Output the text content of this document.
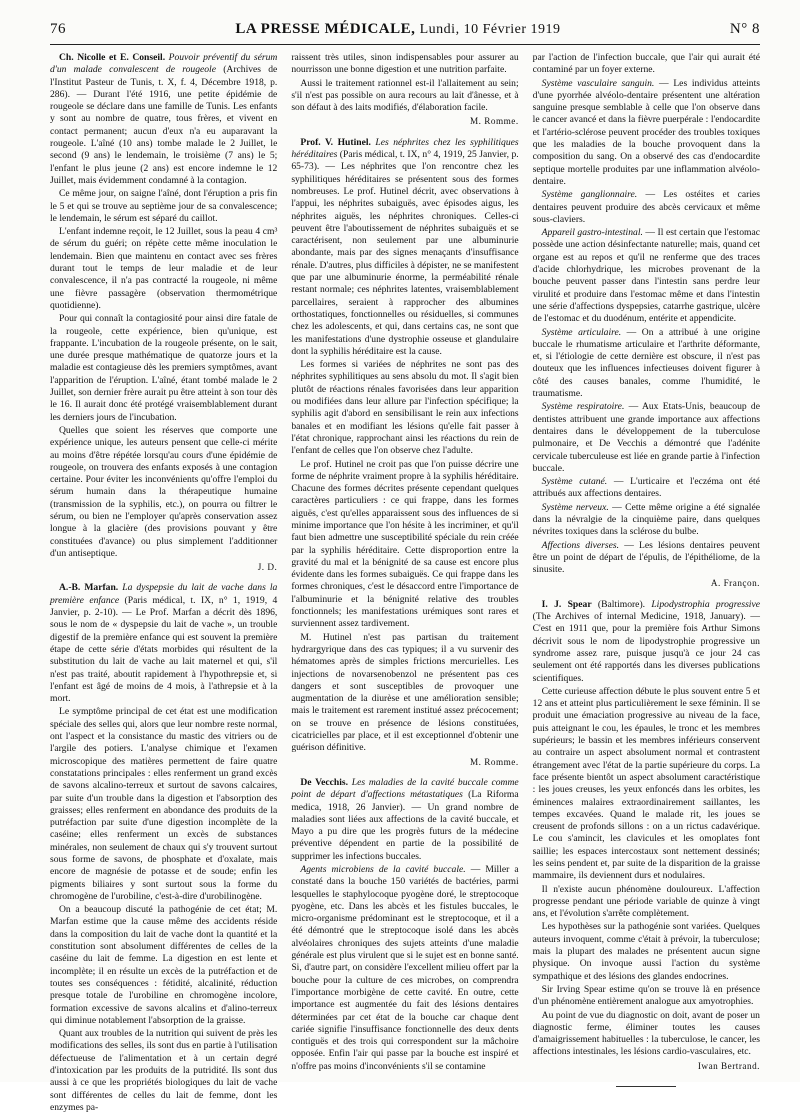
76	LA PRESSE MÉDICALE, Lundi, 10 Février 1919	N° 8

Ch. Nicolle et E. Conseil. Pouvoir préventif du sérum d'un malade convalescent de rougeole (Archives de l'Institut Pasteur de Tunis, t. X, f. 4, Décembre 1918, p. 286). — Durant l'été 1916, une petite épidémie de rougeole se déclare dans une famille de Tunis. Les enfants y sont au nombre de quatre, tous frères, et vivent en contact permanent; aucun d'eux n'a eu auparavant la rougeole. L'aîné (10 ans) tombe malade le 2 Juillet, le second (9 ans) le lendemain, le troisième (7 ans) le 5; l'enfant le plus jeune (2 ans) est encore indemne le 12 Juillet, mais évidemment condamné à la contagion.

Ce même jour, on saigne l'aîné, dont l'éruption a pris fin le 5 et qui se trouve au septième jour de sa convalescence; le lendemain, le sérum est séparé du caillot.

L'enfant indemne reçoit, le 12 Juillet, sous la peau 4 cm³ de sérum du guéri; on répète cette même inoculation le lendemain. Bien que maintenu en contact avec ses frères durant tout le temps de leur maladie et de leur convalescence, il n'a pas contracté la rougeole, ni même une fièvre passagère (observation thermométrique quotidienne).

Pour qui connaît la contagiosité pour ainsi dire fatale de la rougeole, cette expérience, bien qu'unique, est frappante. L'incubation de la rougeole présente, on le sait, une durée presque mathématique de quatorze jours et la maladie est contagieuse dès les premiers symptômes, avant l'apparition de l'éruption. L'aîné, étant tombé malade le 2 Juillet, son dernier frère aurait pu être atteint à son tour dès le 16. Il aurait donc été protégé vraisemblablement durant les derniers jours de l'incubation.

Quelles que soient les réserves que comporte une expérience unique, les auteurs pensent que celle-ci mérite au moins d'être répétée lorsqu'au cours d'une épidémie de rougeole, on trouvera des enfants exposés à une contagion certaine. Pour éviter les inconvénients qu'offre l'emploi du sérum humain dans la thérapeutique humaine (transmission de la syphilis, etc.), on pourra ou filtrer le sérum, ou bien ne l'employer qu'après conservation assez longue à la glacière (des provisions pouvant y être constituées d'avance) ou plus simplement l'additionner d'un antiseptique.

J. D.

A.-B. Marfan. La dyspepsie du lait de vache dans la première enfance (Paris médical, t. IX, n° 1, 1919, 4 Janvier, p. 2-10). — Le Prof. Marfan a décrit dès 1896, sous le nom de « dyspepsie du lait de vache », un trouble digestif de la première enfance qui est souvent la première étape de cette série d'états morbides qui résultent de la substitution du lait de vache au lait maternel et qui, s'il n'est pas traité, aboutit rapidement à l'hypothrepsie et, si l'enfant est âgé de moins de 4 mois, à l'athrepsie et à la mort.

Le symptôme principal de cet état est une modification spéciale des selles qui, alors que leur nombre reste normal, ont l'aspect et la consistance du mastic des vitriers ou de l'argile des potiers. L'analyse chimique et l'examen microscopique des matières permettent de faire quatre constatations principales : elles renferment un grand excès de savons alcalino-terreux et surtout de savons calcaires, par suite d'un trouble dans la digestion et l'absorption des graisses; elles renferment en abondance des produits de la putréfaction par suite d'une digestion incomplète de la caséine; elles renferment un excès de substances minérales, non seulement de chaux qui s'y trouvent surtout sous forme de savons, de phosphate et d'oxalate, mais encore de magnésie de potasse et de soude; enfin les pigments biliaires y sont surtout sous la forme du chromogène de l'urobiline, c'est-à-dire d'urobilinogène.

On a beaucoup discuté la pathogénie de cet état; M. Marfan estime que la cause même des accidents réside dans la composition du lait de vache dont la quantité et la constitution sont absolument différentes de celles de la caséine du lait de femme. La digestion en est lente et incomplète; il en résulte un excès de la putréfaction et de toutes ses conséquences : fétidité, alcalinité, réduction presque totale de l'urobiline en chromogène incolore, formation excessive de savons alcalins et d'alino-terreux qui diminue notablement l'absorption de la graisse.

Quant aux troubles de la nutrition qui suivent de près les modifications des selles, ils sont dus en partie à l'utilisation défectueuse de l'alimentation et à un certain degré d'intoxication par les produits de la putridité. Ils sont dus aussi à ce que les propriétés biologiques du lait de vache sont différentes de celles du lait de femme, dont les enzymes pa-

raissent très utiles, sinon indispensables pour assurer au nourrisson une bonne digestion et une nutrition parfaite.

Aussi le traitement rationnel est-il l'allaitement au sein; s'il n'est pas possible on aura recours au lait d'ânesse, et à son défaut à des laits modifiés, d'élaboration facile.

M. Romme.

Prof. V. Hutinel. Les néphrites chez les syphilitiques héréditaires (Paris médical, t. IX, n° 4, 1919, 25 Janvier, p. 65-73). — Les néphrites que l'on rencontre chez les syphilitiques héréditaires se présentent sous des formes nombreuses. Le prof. Hutinel décrit, avec observations à l'appui, les néphrites subaiguës, avec épisodes aigus, les néphrites aiguës, les néphrites chroniques. Celles-ci peuvent être l'aboutissement de néphrites subaiguës et se caractérisent, non seulement par une albuminurie abondante, mais par des signes menaçants d'insuffisance rénale. D'autres, plus difficiles à dépister, ne se manifestent que par une albuminurie énorme, la perméabilité rénale restant normale; ces néphrites latentes, vraisemblablement parcellaires, seraient à rapprocher des albumines orthostatiques, fonctionnelles ou résiduelles, si communes chez les adolescents, et qui, dans certains cas, ne sont que les manifestations d'une dystrophie osseuse et glandulaire dont la syphilis héréditaire est la cause.

Les formes si variées de néphrites ne sont pas des néphrites syphilitiques au sens absolu du mot. Il s'agit bien plutôt de réactions rénales favorisées dans leur apparition ou modifiées dans leur allure par l'infection spécifique; la syphilis agit d'abord en sensibilisant le rein aux infections banales et en modifiant les lésions qu'elle fait passer à l'état chronique, rapprochant ainsi les réactions du rein de l'enfant de celles que l'on observe chez l'adulte.

Le prof. Hutinel ne croit pas que l'on puisse décrire une forme de néphrite vraiment propre à la syphilis héréditaire. Chacune des formes décrites présente cependant quelques caractères particuliers : ce qui frappe, dans les formes aiguës, c'est qu'elles apparaissent sous des influences de si minime importance que l'on hésite à les incriminer, et qu'il faut bien admettre une susceptibilité spéciale du rein créée par la syphilis héréditaire. Cette disproportion entre la gravité du mal et la bénignité de sa cause est encore plus évidente dans les formes subaiguës. Ce qui frappe dans les formes chroniques, c'est le désaccord entre l'importance de l'albuminurie et la bénignité relative des troubles fonctionnels; les manifestations urémiques sont rares et surviennent assez tardivement.

M. Hutinel n'est pas partisan du traitement hydrargyrique dans des cas typiques; il a vu survenir des hématomes après de simples frictions mercurielles. Les injections de novarsenobenzol ne présentent pas ces dangers et sont susceptibles de provoquer une augmentation de la diurèse et une amélioration sensible; mais le traitement est rarement institué assez précocement; on se trouve en présence de lésions constituées, cicatricielles par place, et il est exceptionnel d'obtenir une guérison définitive.

M. Romme.

De Vecchis. Les maladies de la cavité buccale comme point de départ d'affections métastatiques (La Riforma medica, 1918, 26 Janvier). — Un grand nombre de maladies sont liées aux affections de la cavité buccale, et Mayo a pu dire que les progrès futurs de la médecine préventive dépendent en partie de la possibilité de supprimer les infections buccales.

Agents microbiens de la cavité buccale. — Miller a constaté dans la bouche 150 variétés de bactéries, parmi lesquelles le staphylocoque pyogène doré, le streptocoque pyogène, etc. Dans les abcès et les fistules buccales, le micro-organisme prédominant est le streptocoque, et il a été démontré que le streptocoque isolé dans les abcès alvéolaires chroniques des sujets atteints d'une maladie générale est plus virulent que si le sujet est en bonne santé. Si, d'autre part, on considère l'excellent milieu offert par la bouche pour la culture de ces microbes, on comprendra l'importance morbigène de cette cavité. En outre, cette importance est augmentée du fait des lésions dentaires déterminées par cet état de la bouche car chaque dent cariée signifie l'insuffisance fonctionnelle des deux dents contiguës et des trois qui correspondent sur la mâchoire opposée. Enfin l'air qui passe par la bouche est inspiré et n'offre pas moins d'inconvénients s'il se contamine

par l'action de l'infection buccale, que l'air qui aurait été contaminé par un foyer externe.

Système vasculaire sanguin. — Les individus atteints d'une pyorrhée alvéolo-dentaire présentent une altération sanguine presque semblable à celle que l'on observe dans le cancer avancé et dans la fièvre puerpérale : l'endocardite et l'artério-sclérose peuvent procéder des troubles toxiques que les maladies de la bouche provoquent dans la composition du sang. On a observé des cas d'endocardite septique mortelle produites par une inflammation alvéolo-dentaire.

Système ganglionnaire. — Les ostéites et caries dentaires peuvent produire des abcès cervicaux et même sous-claviers.

Appareil gastro-intestinal. — Il est certain que l'estomac possède une action désinfectante naturelle; mais, quand cet organe est au repos et qu'il ne renferme que des traces d'acide chlorhydrique, les microbes provenant de la bouche peuvent passer dans l'intestin sans perdre leur virulité et produire dans l'estomac même et dans l'intestin une série d'affections dyspepsies, catarrhe gastrique, ulcère de l'estomac et du duodénum, entérite et appendicite.

Système articulaire. — On a attribué à une origine buccale le rhumatisme articulaire et l'arthrite déformante, et, si l'étiologie de cette dernière est obscure, il n'est pas douteux que les influences infectieuses doivent figurer à côté des causes banales, comme l'humidité, le traumatisme.

Système respiratoire. — Aux Etats-Unis, beaucoup de dentistes attribuent une grande importance aux affections dentaires dans le développement de la tuberculose pulmonaire, et De Vecchis a démontré que l'adénite cervicale tuberculeuse est liée en grande partie à l'infection buccale.

Système cutané. — L'urticaire et l'eczéma ont été attribués aux affections dentaires.

Système nerveux. — Cette même origine a été signalée dans la névralgie de la cinquième paire, dans quelques névrites toxiques dans la sclérose du bulbe.

Affections diverses. — Les lésions dentaires peuvent être un point de départ de l'épulis, de l'épithéliome, de la sinusite.

A. Françon.

I. J. Spear (Baltimore). Lipodystrophia progressive (The Archives of internal Medicine, 1918, January). — C'est en 1911 que, pour la première fois Arthur Simons décrivit sous le nom de lipodystrophie progressive un syndrome assez rare, puisque jusqu'à ce jour 24 cas seulement ont été rapportés dans les diverses publications scientifiques.

Cette curieuse affection débute le plus souvent entre 5 et 12 ans et atteint plus particulièrement le sexe féminin. Il se produit une émaciation progressive au niveau de la face, puis atteignant le cou, les épaules, le tronc et les membres supérieurs; le bassin et les membres inférieurs conservent au contraire un aspect absolument normal et contrastent étrangement avec l'état de la partie supérieure du corps. La face présente bientôt un aspect absolument caractéristique : les joues creuses, les yeux enfoncés dans les orbites, les éminences malaires extraordinairement saillantes, les tempes excavées. Quand le malade rit, les joues se creusent de profonds sillons : on a un rictus cadavérique. Le cou s'amincit, les clavicules et les omoplates font saillie; les espaces intercostaux sont nettement dessinés; les seins pendent et, par suite de la disparition de la graisse mammaire, ils deviennent durs et nodulaires.

Il n'existe aucun phénomène douloureux. L'affection progresse pendant une période variable de quinze à vingt ans, et l'évolution s'arrête complètement.

Les hypothèses sur la pathogénie sont variées. Quelques auteurs invoquent, comme c'était à prévoir, la tuberculose; mais la plupart des malades ne présentent aucun signe physique. On invoque aussi l'action du système sympathique et des lésions des glandes endocrines.

Sir Irving Spear estime qu'on se trouve là en présence d'un phénomène entièrement analogue aux amyotrophies.

Au point de vue du diagnostic on doit, avant de poser un diagnostic ferme, éliminer toutes les causes d'amaigrissement habituelles : la tuberculose, le cancer, les affections intestinales, les lésions cardio-vasculaires, etc.

Iwan Bertrand.
